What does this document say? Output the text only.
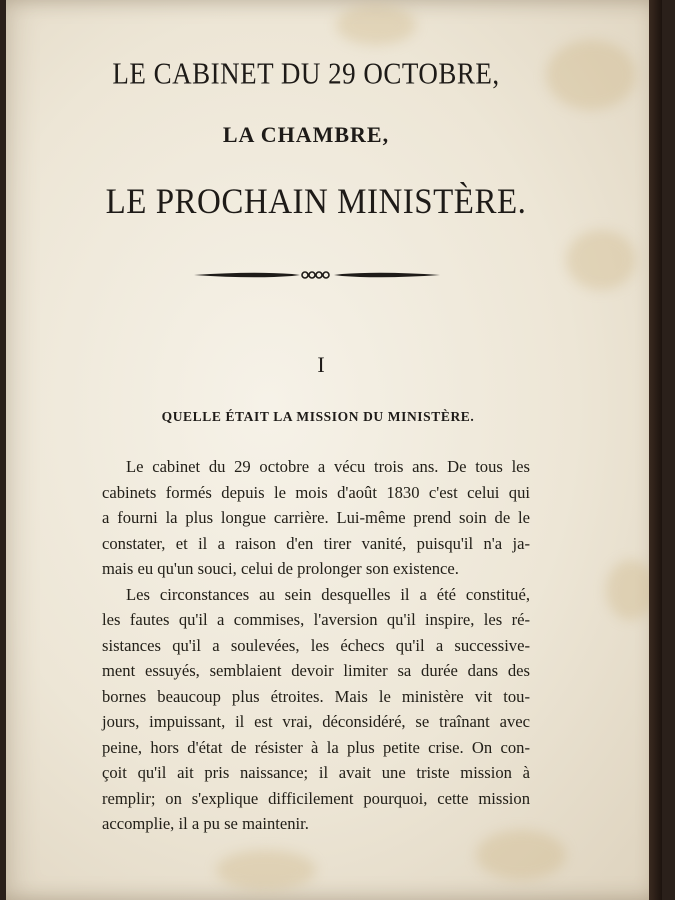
LE CABINET DU 29 OCTOBRE,
LA CHAMBRE,
LE PROCHAIN MINISTÈRE.
I
QUELLE ÉTAIT LA MISSION DU MINISTÈRE.
Le cabinet du 29 octobre a vécu trois ans. De tous les
cabinets formés depuis le mois d'août 1830 c'est celui qui
a fourni la plus longue carrière. Lui-même prend soin de le
constater, et il a raison d'en tirer vanité, puisqu'il n'a ja-
mais eu qu'un souci, celui de prolonger son existence.
Les circonstances au sein desquelles il a été constitué,
les fautes qu'il a commises, l'aversion qu'il inspire, les ré-
sistances qu'il a soulevées, les échecs qu'il a successive-
ment essuyés, semblaient devoir limiter sa durée dans des
bornes beaucoup plus étroites. Mais le ministère vit tou-
jours, impuissant, il est vrai, déconsidéré, se traînant avec
peine, hors d'état de résister à la plus petite crise. On con-
çoit qu'il ait pris naissance; il avait une triste mission à
remplir; on s'explique difficilement pourquoi, cette mission
accomplie, il a pu se maintenir.
